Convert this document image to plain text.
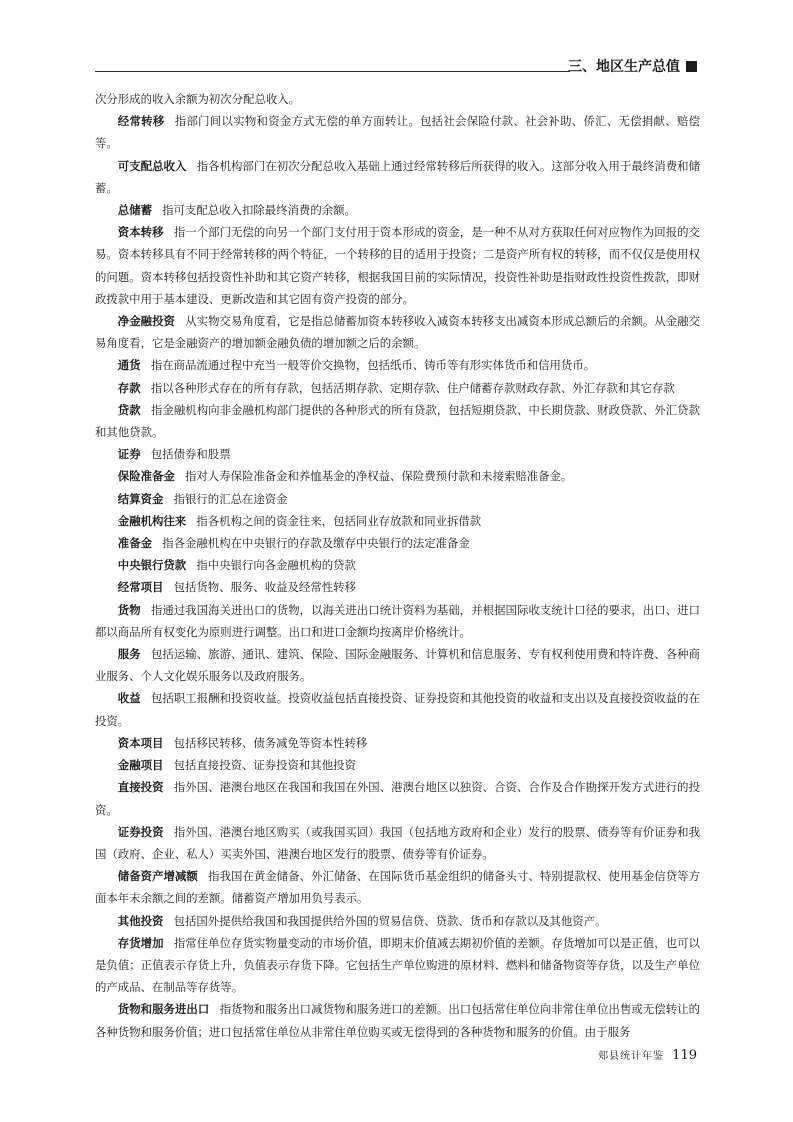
三、地区生产总值

次分形成的收入余额为初次分配总收入。

经常转移 指部门间以实物和资金方式无偿的单方面转让。包括社会保险付款、社会补助、侨汇、无偿捐献、赔偿等。

可支配总收入 指各机构部门在初次分配总收入基础上通过经常转移后所获得的收入。这部分收入用于最终消费和储蓄。

总储蓄 指可支配总收入扣除最终消费的余额。

资本转移 指一个部门无偿的向另一个部门支付用于资本形成的资金，是一种不从对方获取任何对应物作为回报的交易。资本转移具有不同于经常转移的两个特征，一个转移的目的适用于投资；二是资产所有权的转移，而不仅仅是使用权的问题。资本转移包括投资性补助和其它资产转移，根据我国目前的实际情况，投资性补助是指财政性投资性拨款，即财政拨款中用于基本建设、更新改造和其它固有资产投资的部分。

净金融投资 从实物交易角度看，它是指总储蓄加资本转移收入减资本转移支出减资本形成总额后的余额。从金融交易角度看，它是金融资产的增加额金融负债的增加额之后的余额。

通货 指在商品流通过程中充当一般等价交换物，包括纸币、铸币等有形实体货币和信用货币。

存款 指以各种形式存在的所有存款，包括活期存款、定期存款、住户储蓄存款财政存款、外汇存款和其它存款

贷款 指金融机构向非金融机构部门提供的各种形式的所有贷款，包括短期贷款、中长期贷款、财政贷款、外汇贷款和其他贷款。

证券 包括债券和股票

保险准备金 指对人寿保险准备金和养恤基金的净权益、保险费预付款和未接索赔准备金。

结算资金 指银行的汇总在途资金

金融机构往来 指各机构之间的资金往来，包括同业存放款和同业拆借款

准备金 指各金融机构在中央银行的存款及缴存中央银行的法定准备金

中央银行贷款 指中央银行向各金融机构的贷款

经常项目 包括货物、服务、收益及经常性转移

货物 指通过我国海关进出口的货物，以海关进出口统计资料为基础，并根据国际收支统计口径的要求，出口、进口都以商品所有权变化为原则进行调整。出口和进口金额均按离岸价格统计。

服务 包括运输、旅游、通讯、建筑、保险、国际金融服务、计算机和信息服务、专有权利使用费和特许费、各种商业服务、个人文化娱乐服务以及政府服务。

收益 包括职工报酬和投资收益。投资收益包括直接投资、证券投资和其他投资的收益和支出以及直接投资收益的在投资。

资本项目 包括移民转移、债务减免等资本性转移

金融项目 包括直接投资、证券投资和其他投资

直接投资 指外国、港澳台地区在我国和我国在外国、港澳台地区以独资、合资、合作及合作勘探开发方式进行的投资。

证券投资 指外国、港澳台地区购买（或我国买回）我国（包括地方政府和企业）发行的股票、债券等有价证券和我国（政府、企业、私人）买卖外国、港澳台地区发行的股票、债券等有价证券。

储备资产增减额 指我国在黄金储备、外汇储备、在国际货币基金组织的储备头寸、特别提款权、使用基金信贷等方面本年末余额之间的差额。储蓄资产增加用负号表示。

其他投资 包括国外提供给我国和我国提供给外国的贸易信贷、贷款、货币和存款以及其他资产。

存货增加 指常住单位存货实物量变动的市场价值，即期末价值减去期初价值的差额。存货增加可以是正值，也可以是负值；正值表示存货上升，负值表示存货下降。它包括生产单位购进的原材料、燃料和储备物资等存货，以及生产单位的产成品、在制品等存货等。

货物和服务进出口 指货物和服务出口减货物和服务进口的差额。出口包括常住单位向非常住单位出售或无偿转让的各种货物和服务价值；进口包括常住单位从非常住单位购买或无偿得到的各种货物和服务的价值。由于服务

郏县统计年鉴 119
